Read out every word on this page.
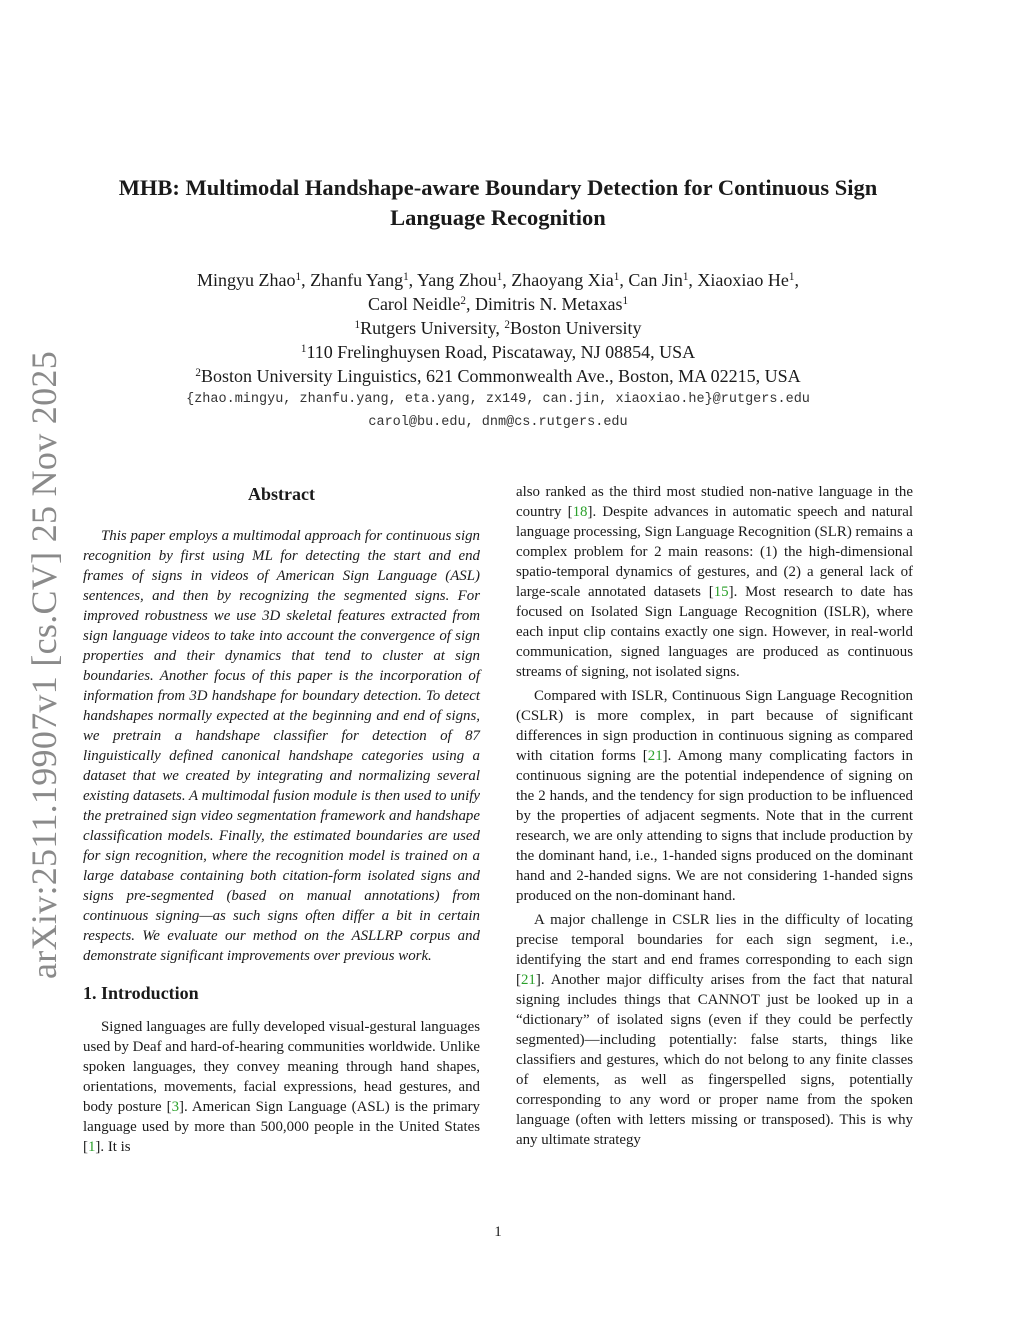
arXiv:2511.19907v1 [cs.CV] 25 Nov 2025
MHB: Multimodal Handshape-aware Boundary Detection for Continuous Sign
Language Recognition
Mingyu Zhao$^1$, Zhanfu Yang$^1$, Yang Zhou$^1$, Zhaoyang Xia$^1$, Can Jin$^1$, Xiaoxiao He$^1$,
Carol Neidle$^2$, Dimitris N. Metaxas$^1$
$^1$Rutgers University, $^2$Boston University
$^1$110 Frelinghuysen Road, Piscataway, NJ 08854, USA
$^2$Boston University Linguistics, 621 Commonwealth Ave., Boston, MA 02215, USA
{zhao.mingyu, zhanfu.yang, eta.yang, zx149, can.jin, xiaoxiao.he}@rutgers.edu
carol@bu.edu, dnm@cs.rutgers.edu
Abstract

This paper employs a multimodal approach for continuous sign recognition by first using ML for detecting the start and end frames of signs in videos of American Sign Language (ASL) sentences, and then by recognizing the segmented signs. For improved robustness we use 3D skeletal features extracted from sign language videos to take into account the convergence of sign properties and their dynamics that tend to cluster at sign boundaries. Another focus of this paper is the incorporation of information from 3D handshape for boundary detection. To detect handshapes normally expected at the beginning and end of signs, we pretrain a handshape classifier for detection of 87 linguistically defined canonical handshape categories using a dataset that we created by integrating and normalizing several existing datasets. A multimodal fusion module is then used to unify the pretrained sign video segmentation framework and handshape classification models. Finally, the estimated boundaries are used for sign recognition, where the recognition model is trained on a large database containing both citation-form isolated signs and signs pre-segmented (based on manual annotations) from continuous signing—as such signs often differ a bit in certain respects. We evaluate our method on the ASLLRP corpus and demonstrate significant improvements over previous work.

1. Introduction

Signed languages are fully developed visual-gestural languages used by Deaf and hard-of-hearing communities worldwide. Unlike spoken languages, they convey meaning through hand shapes, orientations, movements, facial expressions, head gestures, and body posture [3]. American Sign Language (ASL) is the primary language used by more than 500,000 people in the United States [1]. It is

also ranked as the third most studied non-native language in the country [18]. Despite advances in automatic speech and natural language processing, Sign Language Recognition (SLR) remains a complex problem for 2 main reasons: (1) the high-dimensional spatio-temporal dynamics of gestures, and (2) a general lack of large-scale annotated datasets [15]. Most research to date has focused on Isolated Sign Language Recognition (ISLR), where each input clip contains exactly one sign. However, in real-world communication, signed languages are produced as continuous streams of signing, not isolated signs.

Compared with ISLR, Continuous Sign Language Recognition (CSLR) is more complex, in part because of significant differences in sign production in continuous signing as compared with citation forms [21]. Among many complicating factors in continuous signing are the potential independence of signing on the 2 hands, and the tendency for sign production to be influenced by the properties of adjacent segments. Note that in the current research, we are only attending to signs that include production by the dominant hand, i.e., 1-handed signs produced on the dominant hand and 2-handed signs. We are not considering 1-handed signs produced on the non-dominant hand.

A major challenge in CSLR lies in the difficulty of locating precise temporal boundaries for each sign segment, i.e., identifying the start and end frames corresponding to each sign [21]. Another major difficulty arises from the fact that natural signing includes things that CANNOT just be looked up in a “dictionary” of isolated signs (even if they could be perfectly segmented)—including potentially: false starts, things like classifiers and gestures, which do not belong to any finite classes of elements, as well as fingerspelled signs, potentially corresponding to any word or proper name from the spoken language (often with letters missing or transposed). This is why any ultimate strategy

1
